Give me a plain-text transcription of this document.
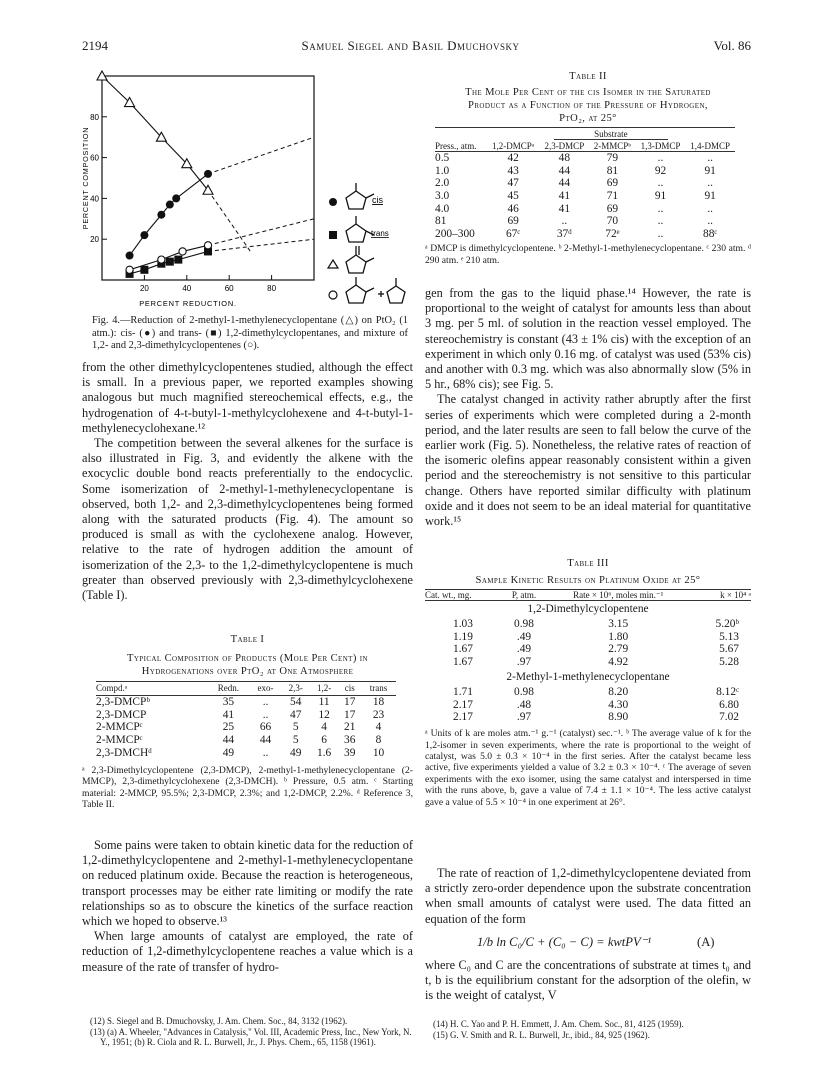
2194	Samuel Siegel and Basil Dmuchovsky	Vol. 86
20
40
60
80
20	40	60	80
PERCENT COMPOSITION
PERCENT REDUCTION.
cis
trans
Fig. 4.—Reduction of 2-methyl-1-methylenecyclopentane (△) on PtO₂ (1 atm.): cis- (●) and trans- (■) 1,2-dimethylcyclopentanes, and mixture of 1,2- and 2,3-dimethylcyclopentenes (○).

from the other dimethylcyclopentenes studied, although the effect is small. In a previous paper, we reported examples showing analogous but much magnified stereochemical effects, e.g., the hydrogenation of 4-t-butyl-1-methylcyclohexene and 4-t-butyl-1-methylenecyclohexane.¹²

The competition between the several alkenes for the surface is also illustrated in Fig. 3, and evidently the alkene with the exocyclic double bond reacts preferentially to the endocyclic. Some isomerization of 2-methyl-1-methylenecyclopentane is observed, both 1,2- and 2,3-dimethylcyclopentenes being formed along with the saturated products (Fig. 4). The amount so produced is small as with the cyclohexene analog. However, relative to the rate of hydrogen addition the amount of isomerization of the 2,3- to the 1,2-dimethylcyclopentene is much greater than observed previously with 2,3-dimethylcyclohexene (Table I).

Table I
Typical Composition of Products (Mole Per Cent) in
Hydrogenations over PtO₂ at One Atmosphere
Compd.ᵃ	Redn.	exo-	2,3-	1,2-	cis	trans
2,3-DMCPᵇ	35	..	54	11	17	18
2,3-DMCP	41	..	47	12	17	23
2-MMCPᶜ	25	66	5	4	21	4
2-MMCPᶜ	44	44	5	6	36	8
2,3-DMCHᵈ	49	..	49	1.6	39	10
ᵃ 2,3-Dimethylcyclopentene (2,3-DMCP), 2-methyl-1-methylenecyclopentane (2-MMCP), 2,3-dimethylcyclohexene (2,3-DMCH). ᵇ Pressure, 0.5 atm. ᶜ Starting material: 2-MMCP, 95.5%; 2,3-DMCP, 2.3%; and 1,2-DMCP, 2.2%. ᵈ Reference 3, Table II.

Some pains were taken to obtain kinetic data for the reduction of 1,2-dimethylcyclopentene and 2-methyl-1-methylenecyclopentane on reduced platinum oxide. Because the reaction is heterogeneous, transport processes may be either rate limiting or modify the rate relationships so as to obscure the kinetics of the surface reaction which we hoped to observe.¹³

When large amounts of catalyst are employed, the rate of reduction of 1,2-dimethylcyclopentene reaches a value which is a measure of the rate of transfer of hydro-

(12) S. Siegel and B. Dmuchovsky, J. Am. Chem. Soc., 84, 3132 (1962).
(13) (a) A. Wheeler, "Advances in Catalysis," Vol. III, Academic Press, Inc., New York, N. Y., 1951; (b) R. Ciola and R. L. Burwell, Jr., J. Phys. Chem., 65, 1158 (1961).
Table II
The Mole Per Cent of the cis Isomer in the Saturated
Product as a Function of the Pressure of Hydrogen,
PtO₂, at 25°
	Substrate				
Press., atm.	1,2-DMCPᵃ	2,3-DMCP	2-MMCPᵇ	1,3-DMCP	1,4-DMCP
0.5	42	48	79	..	..
1.0	43	44	81	92	91
2.0	47	44	69	..	..
3.0	45	41	71	91	91
4.0	46	41	69	..	..
81	69	..	70	..	..
200–300	67ᶜ	37ᵈ	72ᵉ	..	88ᶜ
ᵃ DMCP is dimethylcyclopentene. ᵇ 2-Methyl-1-methylenecyclopentane. ᶜ 230 atm. ᵈ 290 atm. ᵉ 210 atm.

gen from the gas to the liquid phase.¹⁴ However, the rate is proportional to the weight of catalyst for amounts less than about 3 mg. per 5 ml. of solution in the reaction vessel employed. The stereochemistry is constant (43 ± 1% cis) with the exception of an experiment in which only 0.16 mg. of catalyst was used (53% cis) and another with 0.3 mg. which was also abnormally slow (5% in 5 hr., 68% cis); see Fig. 5.

The catalyst changed in activity rather abruptly after the first series of experiments which were completed during a 2-month period, and the later results are seen to fall below the curve of the earlier work (Fig. 5). Nonetheless, the relative rates of reaction of the isomeric olefins appear reasonably consistent within a given period and the stereochemistry is not sensitive to this particular change. Others have reported similar difficulty with platinum oxide and it does not seem to be an ideal material for quantitative work.¹⁵

Table III
Sample Kinetic Results on Platinum Oxide at 25°
Cat. wt., mg.	P, atm.	Rate × 10⁶, moles min.⁻¹	k × 10⁴ ᵃ
1,2-Dimethylcyclopentene			
1.03	0.98	3.15	5.20ᵇ
1.19	.49	1.80	5.13
1.67	.49	2.79	5.67
1.67	.97	4.92	5.28
2-Methyl-1-methylenecyclopentane			
1.71	0.98	8.20	8.12ᶜ
2.17	.48	4.30	6.80
2.17	.97	8.90	7.02
ᵃ Units of k are moles atm.⁻¹ g.⁻¹ (catalyst) sec.⁻¹. ᵇ The average value of k for the 1,2-isomer in seven experiments, where the rate is proportional to the weight of catalyst, was 5.0 ± 0.3 × 10⁻⁴ in the first series. After the catalyst became less active, five experiments yielded a value of 3.2 ± 0.3 × 10⁻⁴. ᶜ The average of seven experiments with the exo isomer, using the same catalyst and interspersed in time with the runs above, b, gave a value of 7.4 ± 1.1 × 10⁻⁴. The less active catalyst gave a value of 5.5 × 10⁻⁴ in one experiment at 26°.

The rate of reaction of 1,2-dimethylcyclopentene deviated from a strictly zero-order dependence upon the substrate concentration when small amounts of catalyst were used. The data fitted an equation of the form

1/b ln C₀/C + (C₀ − C) = kwtPV⁻¹	(A)

where C₀ and C are the concentrations of substrate at times t₀ and t, b is the equilibrium constant for the adsorption of the olefin, w is the weight of catalyst, V

(14) H. C. Yao and P. H. Emmett, J. Am. Chem. Soc., 81, 4125 (1959).
(15) G. V. Smith and R. L. Burwell, Jr., ibid., 84, 925 (1962).
